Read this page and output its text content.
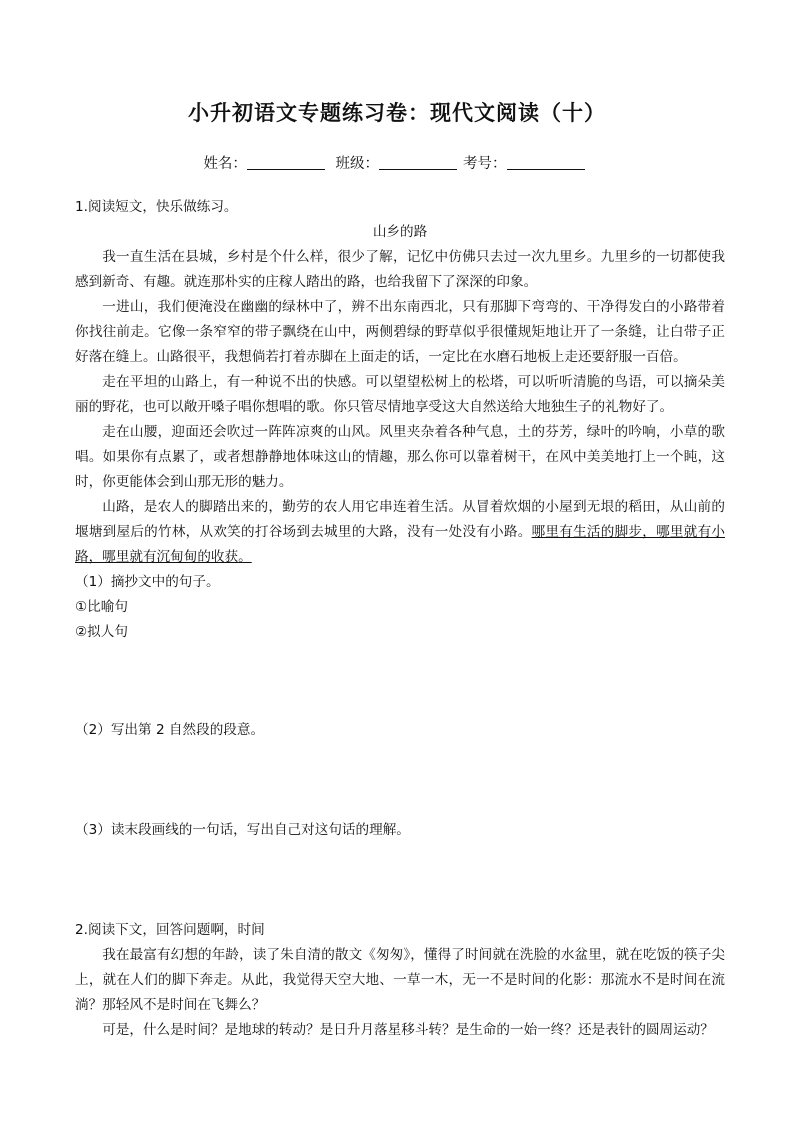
小升初语文专题练习卷：现代文阅读（十）
姓名：	班级：	考号：
1.阅读短文，快乐做练习。
山乡的路
我一直生活在县城，乡村是个什么样，很少了解，记忆中仿佛只去过一次九里乡。九里乡的一切都使我感到新奇、有趣。就连那朴实的庄稼人踏出的路，也给我留下了深深的印象。
一进山，我们便淹没在幽幽的绿林中了，辨不出东南西北，只有那脚下弯弯的、干净得发白的小路带着你找往前走。它像一条窄窄的带子飘绕在山中，两侧碧绿的野草似乎很懂规矩地让开了一条缝，让白带子正好落在缝上。山路很平，我想倘若打着赤脚在上面走的话，一定比在水磨石地板上走还要舒服一百倍。
走在平坦的山路上，有一种说不出的快感。可以望望松树上的松塔，可以听听清脆的鸟语，可以摘朵美丽的野花，也可以敞开嗓子唱你想唱的歌。你只管尽情地享受这大自然送给大地独生子的礼物好了。
走在山腰，迎面还会吹过一阵阵凉爽的山风。风里夹杂着各种气息，土的芬芳，绿叶的吟响，小草的歌唱。如果你有点累了，或者想静静地体味这山的情趣，那么你可以靠着树干，在风中美美地打上一个盹，这时，你更能体会到山那无形的魅力。
山路，是农人的脚踏出来的，勤劳的农人用它串连着生活。从冒着炊烟的小屋到无垠的稻田，从山前的堰塘到屋后的竹林，从欢笑的打谷场到去城里的大路，没有一处没有小路。哪里有生活的脚步，哪里就有小路，哪里就有沉甸甸的收获。
（1）摘抄文中的句子。
①比喻句
②拟人句
（2）写出第 2 自然段的段意。
（3）读末段画线的一句话，写出自己对这句话的理解。
2.阅读下文，回答问题啊，时间
我在最富有幻想的年龄，读了朱自清的散文《匆匆》，懂得了时间就在洗脸的水盆里，就在吃饭的筷子尖上，就在人们的脚下奔走。从此，我觉得天空大地、一草一木，无一不是时间的化影：那流水不是时间在流淌？那轻风不是时间在飞舞么？
可是，什么是时间？是地球的转动？是日升月落星移斗转？是生命的一始一终？还是表针的圆周运动？
